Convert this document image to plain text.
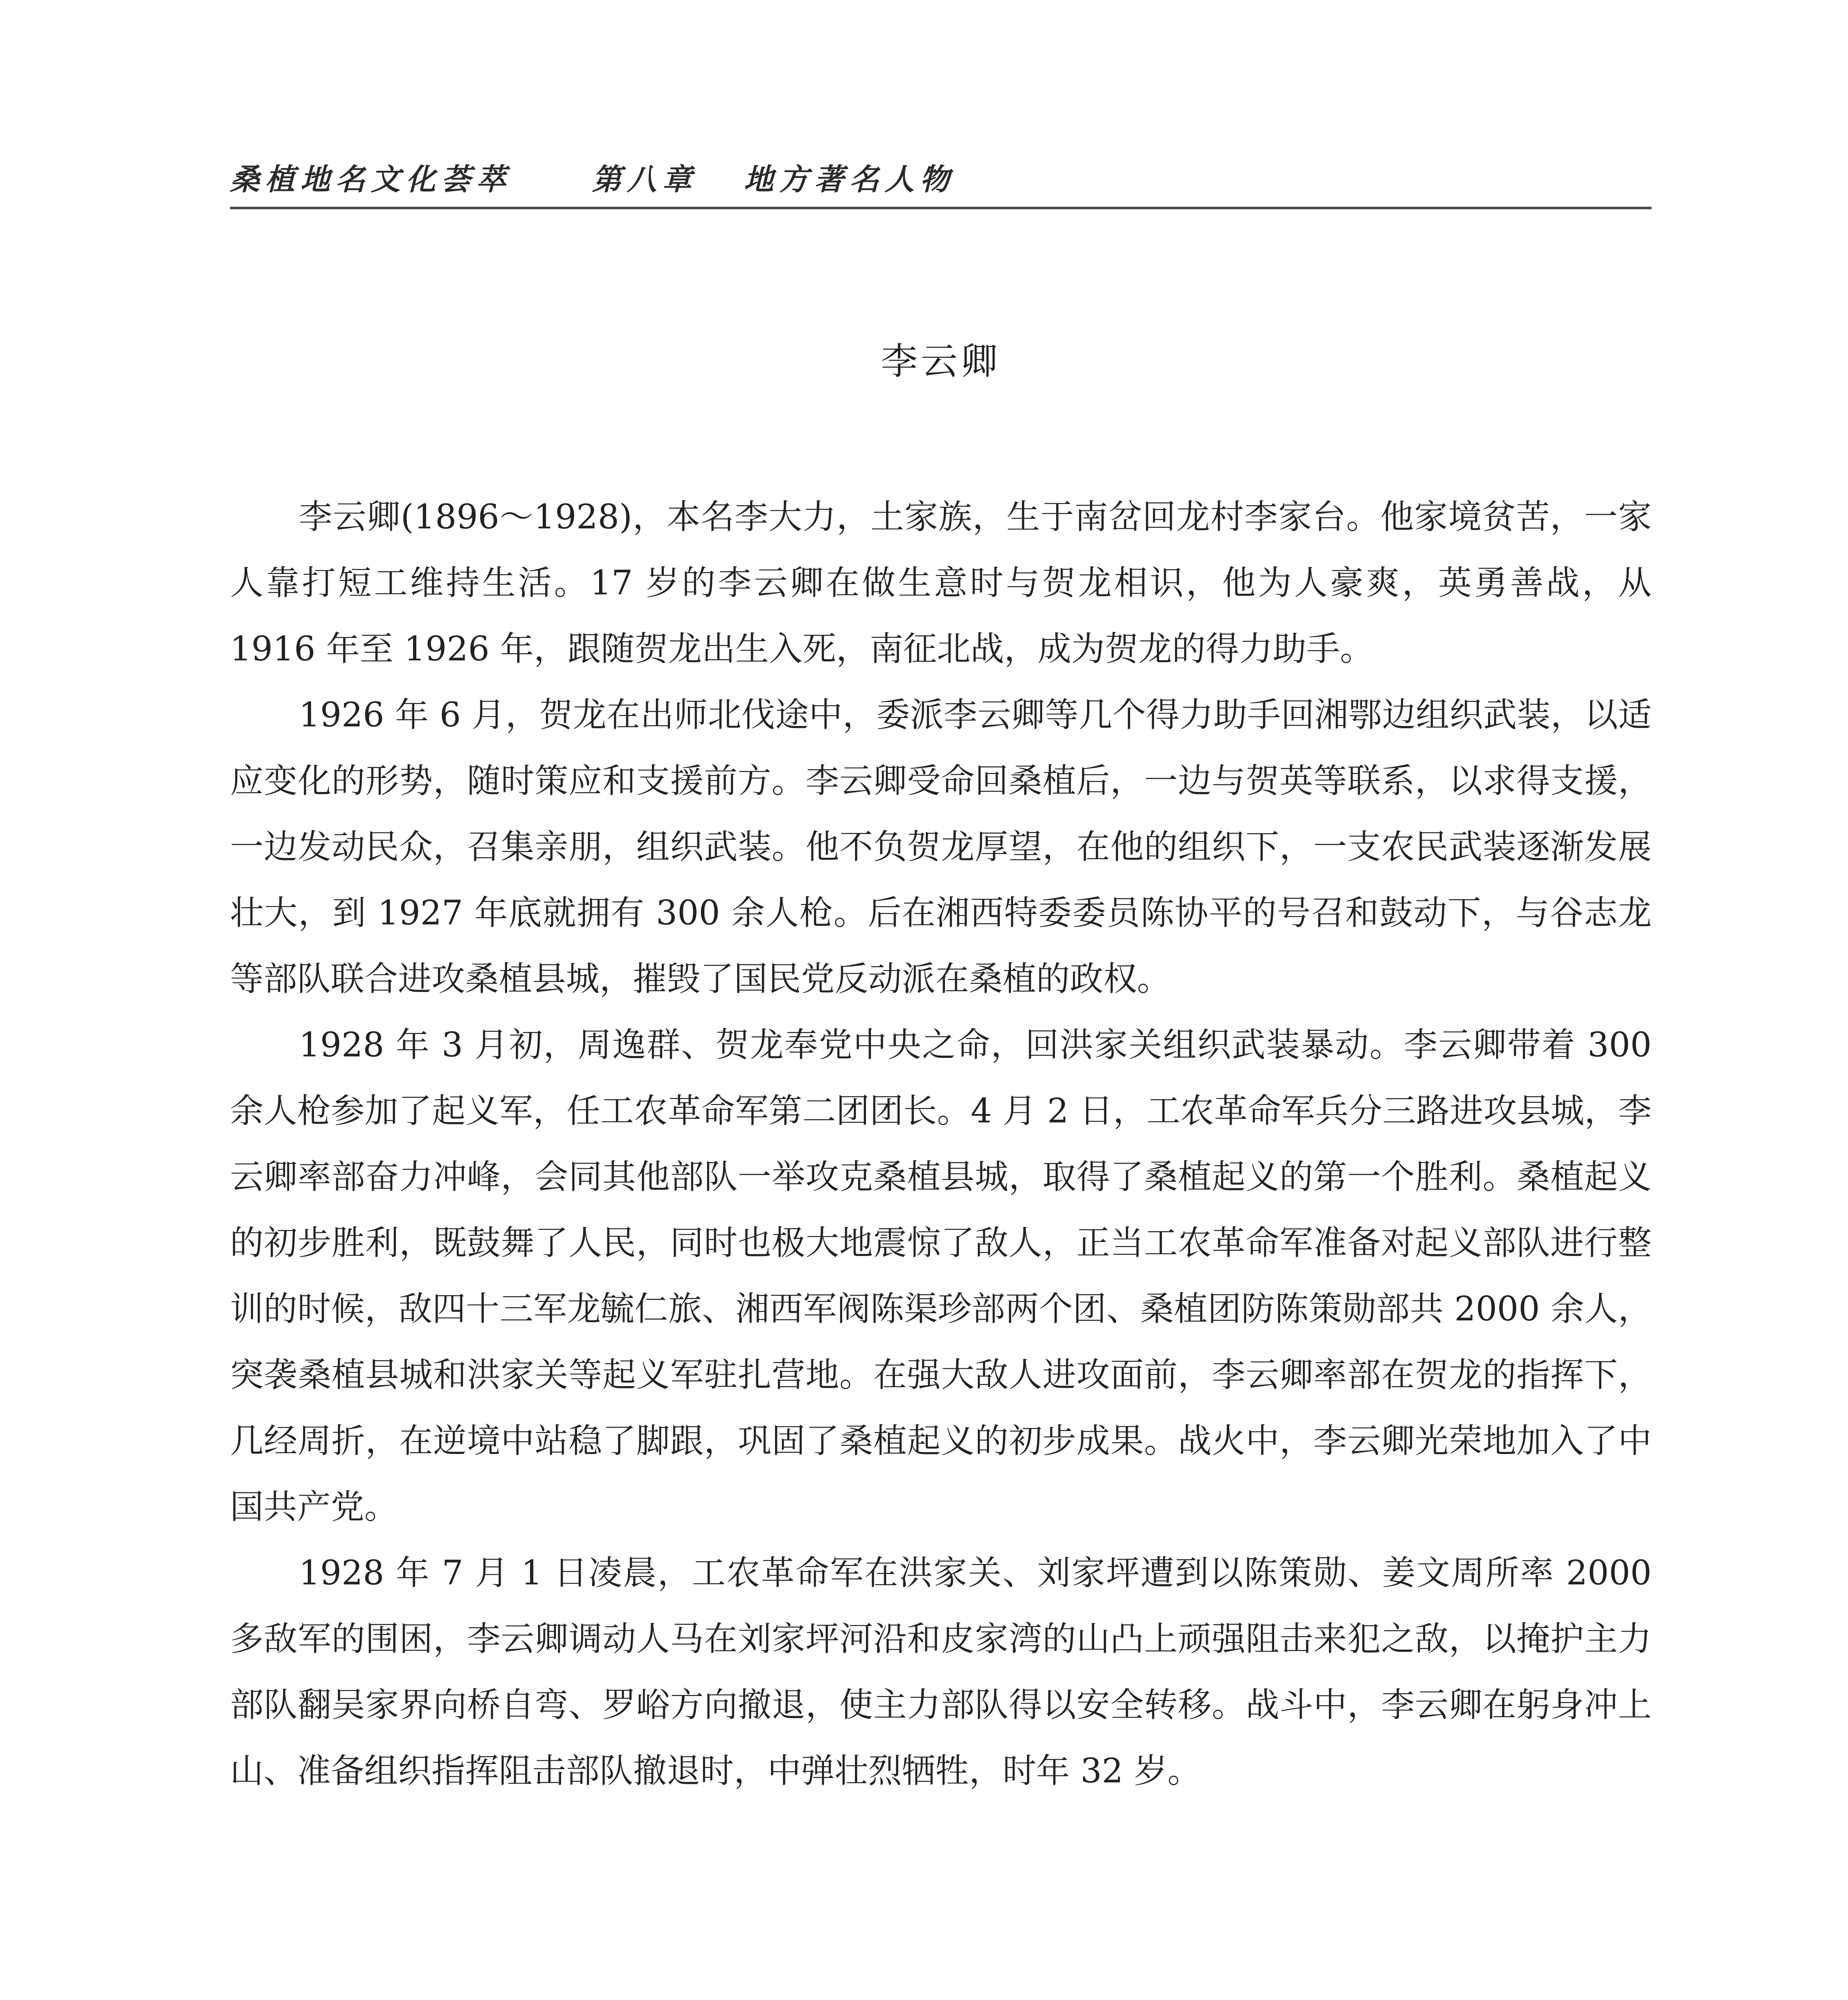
桑植地名文化荟萃	第八章 地方著名人物
李云卿

李云卿(1896～1928)，本名李大力，土家族，生于南岔回龙村李家台。他家境贫苦，一家人靠打短工维持生活。17 岁的李云卿在做生意时与贺龙相识，他为人豪爽，英勇善战，从 1916 年至 1926 年，跟随贺龙出生入死，南征北战，成为贺龙的得力助手。

1926 年 6 月，贺龙在出师北伐途中，委派李云卿等几个得力助手回湘鄂边组织武装，以适应变化的形势，随时策应和支援前方。李云卿受命回桑植后，一边与贺英等联系，以求得支援，一边发动民众，召集亲朋，组织武装。他不负贺龙厚望，在他的组织下，一支农民武装逐渐发展壮大，到 1927 年底就拥有 300 余人枪。后在湘西特委委员陈协平的号召和鼓动下，与谷志龙等部队联合进攻桑植县城，摧毁了国民党反动派在桑植的政权。

1928 年 3 月初，周逸群、贺龙奉党中央之命，回洪家关组织武装暴动。李云卿带着 300 余人枪参加了起义军，任工农革命军第二团团长。4 月 2 日，工农革命军兵分三路进攻县城，李云卿率部奋力冲峰，会同其他部队一举攻克桑植县城，取得了桑植起义的第一个胜利。桑植起义的初步胜利，既鼓舞了人民，同时也极大地震惊了敌人，正当工农革命军准备对起义部队进行整训的时候，敌四十三军龙毓仁旅、湘西军阀陈渠珍部两个团、桑植团防陈策勋部共 2000 余人，突袭桑植县城和洪家关等起义军驻扎营地。在强大敌人进攻面前，李云卿率部在贺龙的指挥下，几经周折，在逆境中站稳了脚跟，巩固了桑植起义的初步成果。战火中，李云卿光荣地加入了中国共产党。

1928 年 7 月 1 日凌晨，工农革命军在洪家关、刘家坪遭到以陈策勋、姜文周所率 2000 多敌军的围困，李云卿调动人马在刘家坪河沿和皮家湾的山凸上顽强阻击来犯之敌，以掩护主力部队翻吴家界向桥自弯、罗峪方向撤退，使主力部队得以安全转移。战斗中，李云卿在躬身冲上山、准备组织指挥阻击部队撤退时，中弹壮烈牺牲，时年 32 岁。
